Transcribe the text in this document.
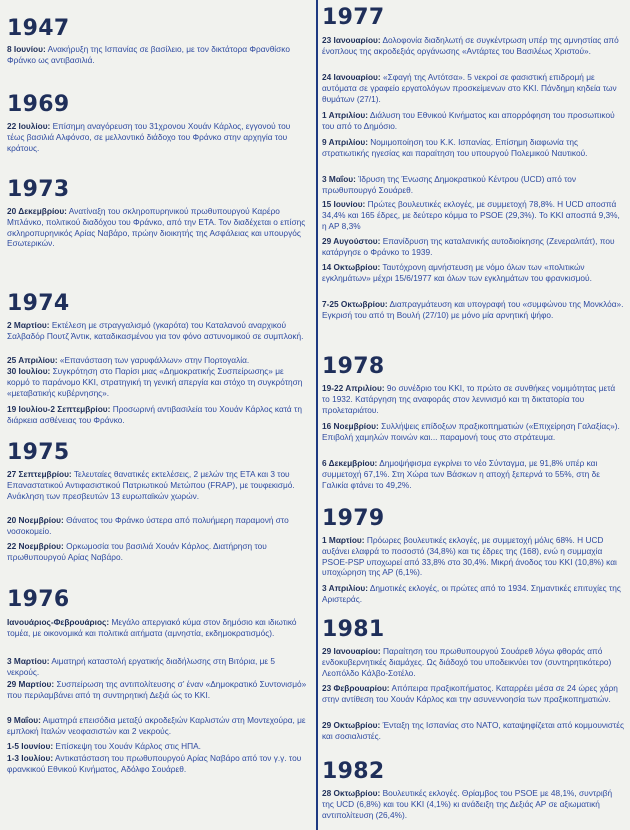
1947

8 Ιουνίου: Ανακήρυξη της Ισπανίας σε βασίλειο, με τον δικτάτορα Φρανθίσκο Φράνκο ως αντιβασιλιά.

1969

22 Ιουλίου: Επίσημη αναγόρευση του 31χρονου Χουάν Κάρλος, εγγονού του τέως βασιλιά Αλφόνσο, σε μελλοντικό διάδοχο του Φράνκο στην αρχηγία του κράτους.

1973

20 Δεκεμβρίου: Ανατίναξη του σκληροπυρηνικού πρωθυπουργού Καρέρο Μπλάνκο, πολιτικού διαδόχου του Φράνκο, από την ΕΤΑ. Τον διαδέχεται ο επίσης σκληροπυρηνικός Αρίας Ναβάρο, πρώην διοικητής της Ασφάλειας και υπουργός Εσωτερικών.

1974

2 Μαρτίου: Εκτέλεση με στραγγαλισμό (γκαρότα) του Καταλανού αναρχικού Σαλβαδόρ Πουτζ Άντικ, καταδικασμένου για τον φόνο αστυνομικού σε συμπλοκή.

25 Απριλίου: «Επανάσταση των γαρυφάλλων» στην Πορτογαλία.

30 Ιουλίου: Συγκρότηση στο Παρίσι μιας «Δημοκρατικής Συσπείρωσης» με κορμό το παράνομο ΚΚΙ, στρατηγική τη γενική απεργία και στόχο τη συγκρότηση «μεταβατικής κυβέρνησης».

19 Ιουλίου-2 Σεπτεμβρίου: Προσωρινή αντιβασιλεία του Χουάν Κάρλος κατά τη διάρκεια ασθένειας του Φράνκο.

1975

27 Σεπτεμβρίου: Τελευταίες θανατικές εκτελέσεις, 2 μελών της ΕΤΑ και 3 του Επαναστατικού Αντιφασιστικού Πατριωτικού Μετώπου (FRAP), με τουφεκισμό. Ανάκληση των πρεσβευτών 13 ευρωπαϊκών χωρών.

20 Νοεμβρίου: Θάνατος του Φράνκο ύστερα από πολυήμερη παραμονή στο νοσοκομείο.

22 Νοεμβρίου: Ορκωμοσία του βασιλιά Χουάν Κάρλος. Διατήρηση του πρωθυπουργού Αρίας Ναβάρο.

1976

Ιανουάριος-Φεβρουάριος: Μεγάλο απεργιακό κύμα στον δημόσιο και ιδιωτικό τομέα, με οικονομικά και πολιτικά αιτήματα (αμνηστία, εκδημοκρατισμός).

3 Μαρτίου: Αιματηρή καταστολή εργατικής διαδήλωσης στη Βιτόρια, με 5 νεκρούς.

29 Μαρτίου: Συσπείρωση της αντιπολίτευσης σ’ έναν «Δημοκρατικό Συντονισμό» που περιλαμβάνει από τη συντηρητική Δεξιά ώς το ΚΚΙ.

9 Μαΐου: Αιματηρά επεισόδια μεταξύ ακροδεξιών Καρλιστών στη Μοντεχούρα, με εμπλοκή Ιταλών νεοφασιστών και 2 νεκρούς.

1-5 Ιουνίου: Επίσκεψη του Χουάν Κάρλος στις ΗΠΑ.

1-3 Ιουλίου: Αντικατάσταση του πρωθυπουργού Αρίας Ναβάρο από τον γ.γ. του φρανκικού Εθνικού Κινήματος, Αδόλφο Σουάρεθ.

1977

23 Ιανουαρίου: Δολοφονία διαδηλωτή σε συγκέντρωση υπέρ της αμνηστίας από ένοπλους της ακροδεξιάς οργάνωσης «Αντάρτες του Βασιλέως Χριστού».

24 Ιανουαρίου: «Σφαγή της Αντότσα». 5 νεκροί σε φασιστική επιδρομή με αυτόματα σε γραφείο εργατολόγων προσκείμενων στο ΚΚΙ. Πάνδημη κηδεία των θυμάτων (27/1).

1 Απριλίου: Διάλυση του Εθνικού Κινήματος και απορρόφηση του προσωπικού του από το Δημόσιο.

9 Απριλίου: Νομιμοποίηση του Κ.Κ. Ισπανίας. Επίσημη διαφωνία της στρατιωτικής ηγεσίας και παραίτηση του υπουργού Πολεμικού Ναυτικού.

3 Μαΐου: Ίδρυση της Ένωσης Δημοκρατικού Κέντρου (UCD) από τον πρωθυπουργό Σουάρεθ.

15 Ιουνίου: Πρώτες βουλευτικές εκλογές, με συμμετοχή 78,8%. Η UCD αποσπά 34,4% και 165 έδρες, με δεύτερο κόμμα το PSOE (29,3%). Το ΚΚΙ αποσπά 9,3%, η ΑΡ 8,3%

29 Αυγούστου: Επανίδρυση της καταλανικής αυτοδιοίκησης (Ζενεραλιτάτ), που κατάργησε ο Φράνκο το 1939.

14 Οκτωβρίου: Ταυτόχρονη αμνήστευση με νόμο όλων των «πολιτικών εγκλημάτων» μέχρι 15/6/1977 και όλων των εγκλημάτων του φρανκισμού.

7-25 Οκτωβρίου: Διαπραγμάτευση και υπογραφή του «συμφώνου της Μονκλόα». Εγκρισή του από τη Βουλή (27/10) με μόνο μία αρνητική ψήφο.

1978

19-22 Απριλίου: 9ο συνέδριο του ΚΚΙ, το πρώτο σε συνθήκες νομιμότητας μετά το 1932. Κατάργηση της αναφοράς στον λενινισμό και τη δικτατορία του προλεταριάτου.

16 Νοεμβρίου: Συλλήψεις επίδοξων πραξικοπηματιών («Επιχείρηση Γαλαξίας»). Επιβολή χαμηλών ποινών και... παραμονή τους στο στράτευμα.

6 Δεκεμβρίου: Δημοψήφισμα εγκρίνει το νέο Σύνταγμα, με 91,8% υπέρ και συμμετοχή 67,1%. Στη Χώρα των Βάσκων η αποχή ξεπερνά το 55%, στη δε Γαλικία φτάνει το 49,2%.

1979

1 Μαρτίου: Πρόωρες βουλευτικές εκλογές, με συμμετοχή μόλις 68%. Η UCD αυξάνει ελαφρά το ποσοστό (34,8%) και τις έδρες της (168), ενώ η συμμαχία PSOE-PSP υποχωρεί από 33,8% στο 30,4%. Μικρή άνοδος του ΚΚΙ (10,8%) και υποχώρηση της ΑΡ (6,1%).

3 Απριλίου: Δημοτικές εκλογές, οι πρώτες από το 1934. Σημαντικές επιτυχίες της Αριστεράς.

1981

29 Ιανουαρίου: Παραίτηση του πρωθυπουργού Σουάρεθ λόγω φθοράς από ενδοκυβερνητικές διαμάχες. Ως διάδοχό του υποδεικνύει τον (συντηρητικότερο) Λεοπόλδο Κάλβο-Σοτέλο.

23 Φεβρουαρίου: Απόπειρα πραξικοπήματος. Καταρρέει μέσα σε 24 ώρες χάρη στην αντίθεση του Χουάν Κάρλος και την ασυνεννοησία των πραξικοπηματιών.

29 Οκτωβρίου: Ένταξη της Ισπανίας στο ΝΑΤΟ, καταψηφίζεται από κομμουνιστές και σοσιαλιστές.

1982

28 Οκτωβρίου: Βουλευτικές εκλογές. Θρίαμβος του PSOE με 48,1%, συντριβή της UCD (6,8%) και του ΚΚΙ (4,1%) κι ανάδειξη της Δεξιάς ΑΡ σε αξιωματική αντιπολίτευση (26,4%).
